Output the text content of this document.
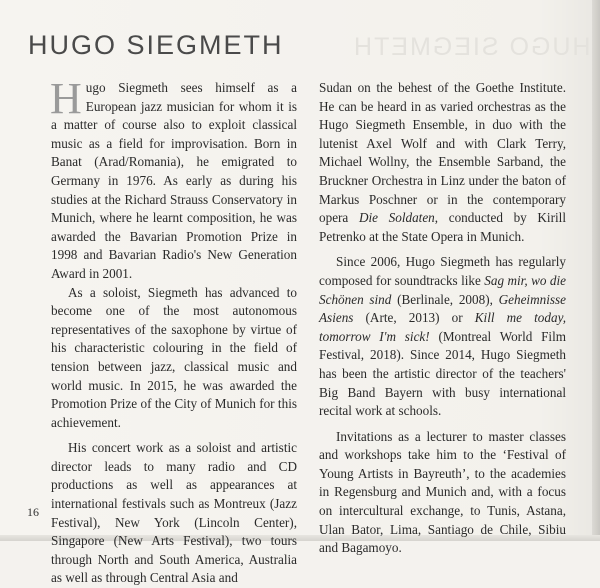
HUGO SIEGMETH	HUGO SIEGMETH

Hugo Siegmeth sees himself as a European jazz musician for whom it is a matter of course also to exploit classical music as a field for improvisation. Born in Banat (Arad/Romania), he emigrated to Germany in 1976. As early as during his studies at the Richard Strauss Conservatory in Munich, where he learnt composition, he was awarded the Bavarian Promotion Prize in 1998 and Bavarian Radio's New Generation Award in 2001.

As a soloist, Siegmeth has advanced to become one of the most autonomous representatives of the saxophone by virtue of his characteristic colouring in the field of tension between jazz, classical music and world music. In 2015, he was awarded the Promotion Prize of the City of Munich for this achievement.

His concert work as a soloist and artistic director leads to many radio and CD productions as well as appearances at international festivals such as Montreux (Jazz Festival), New York (Lincoln Center), Singapore (New Arts Festival), two tours through North and South America, Australia as well as through Central Asia and

Sudan on the behest of the Goethe Institute. He can be heard in as varied orchestras as the Hugo Siegmeth Ensemble, in duo with the lutenist Axel Wolf and with Clark Terry, Michael Wollny, the Ensemble Sarband, the Bruckner Orchestra in Linz under the baton of Markus Poschner or in the contemporary opera Die Soldaten, conducted by Kirill Petrenko at the State Opera in Munich.

Since 2006, Hugo Siegmeth has regularly composed for soundtracks like Sag mir, wo die Schönen sind (Berlinale, 2008), Geheimnisse Asiens (Arte, 2013) or Kill me today, tomorrow I'm sick! (Montreal World Film Festival, 2018). Since 2014, Hugo Siegmeth has been the artistic director of the teachers' Big Band Bayern with busy international recital work at schools.

Invitations as a lecturer to master classes and workshops take him to the ‘Festival of Young Artists in Bayreuth’, to the academies in Regensburg and Munich and, with a focus on intercultural exchange, to Tunis, Astana, Ulan Bator, Lima, Santiago de Chile, Sibiu and Bagamoyo.

16
